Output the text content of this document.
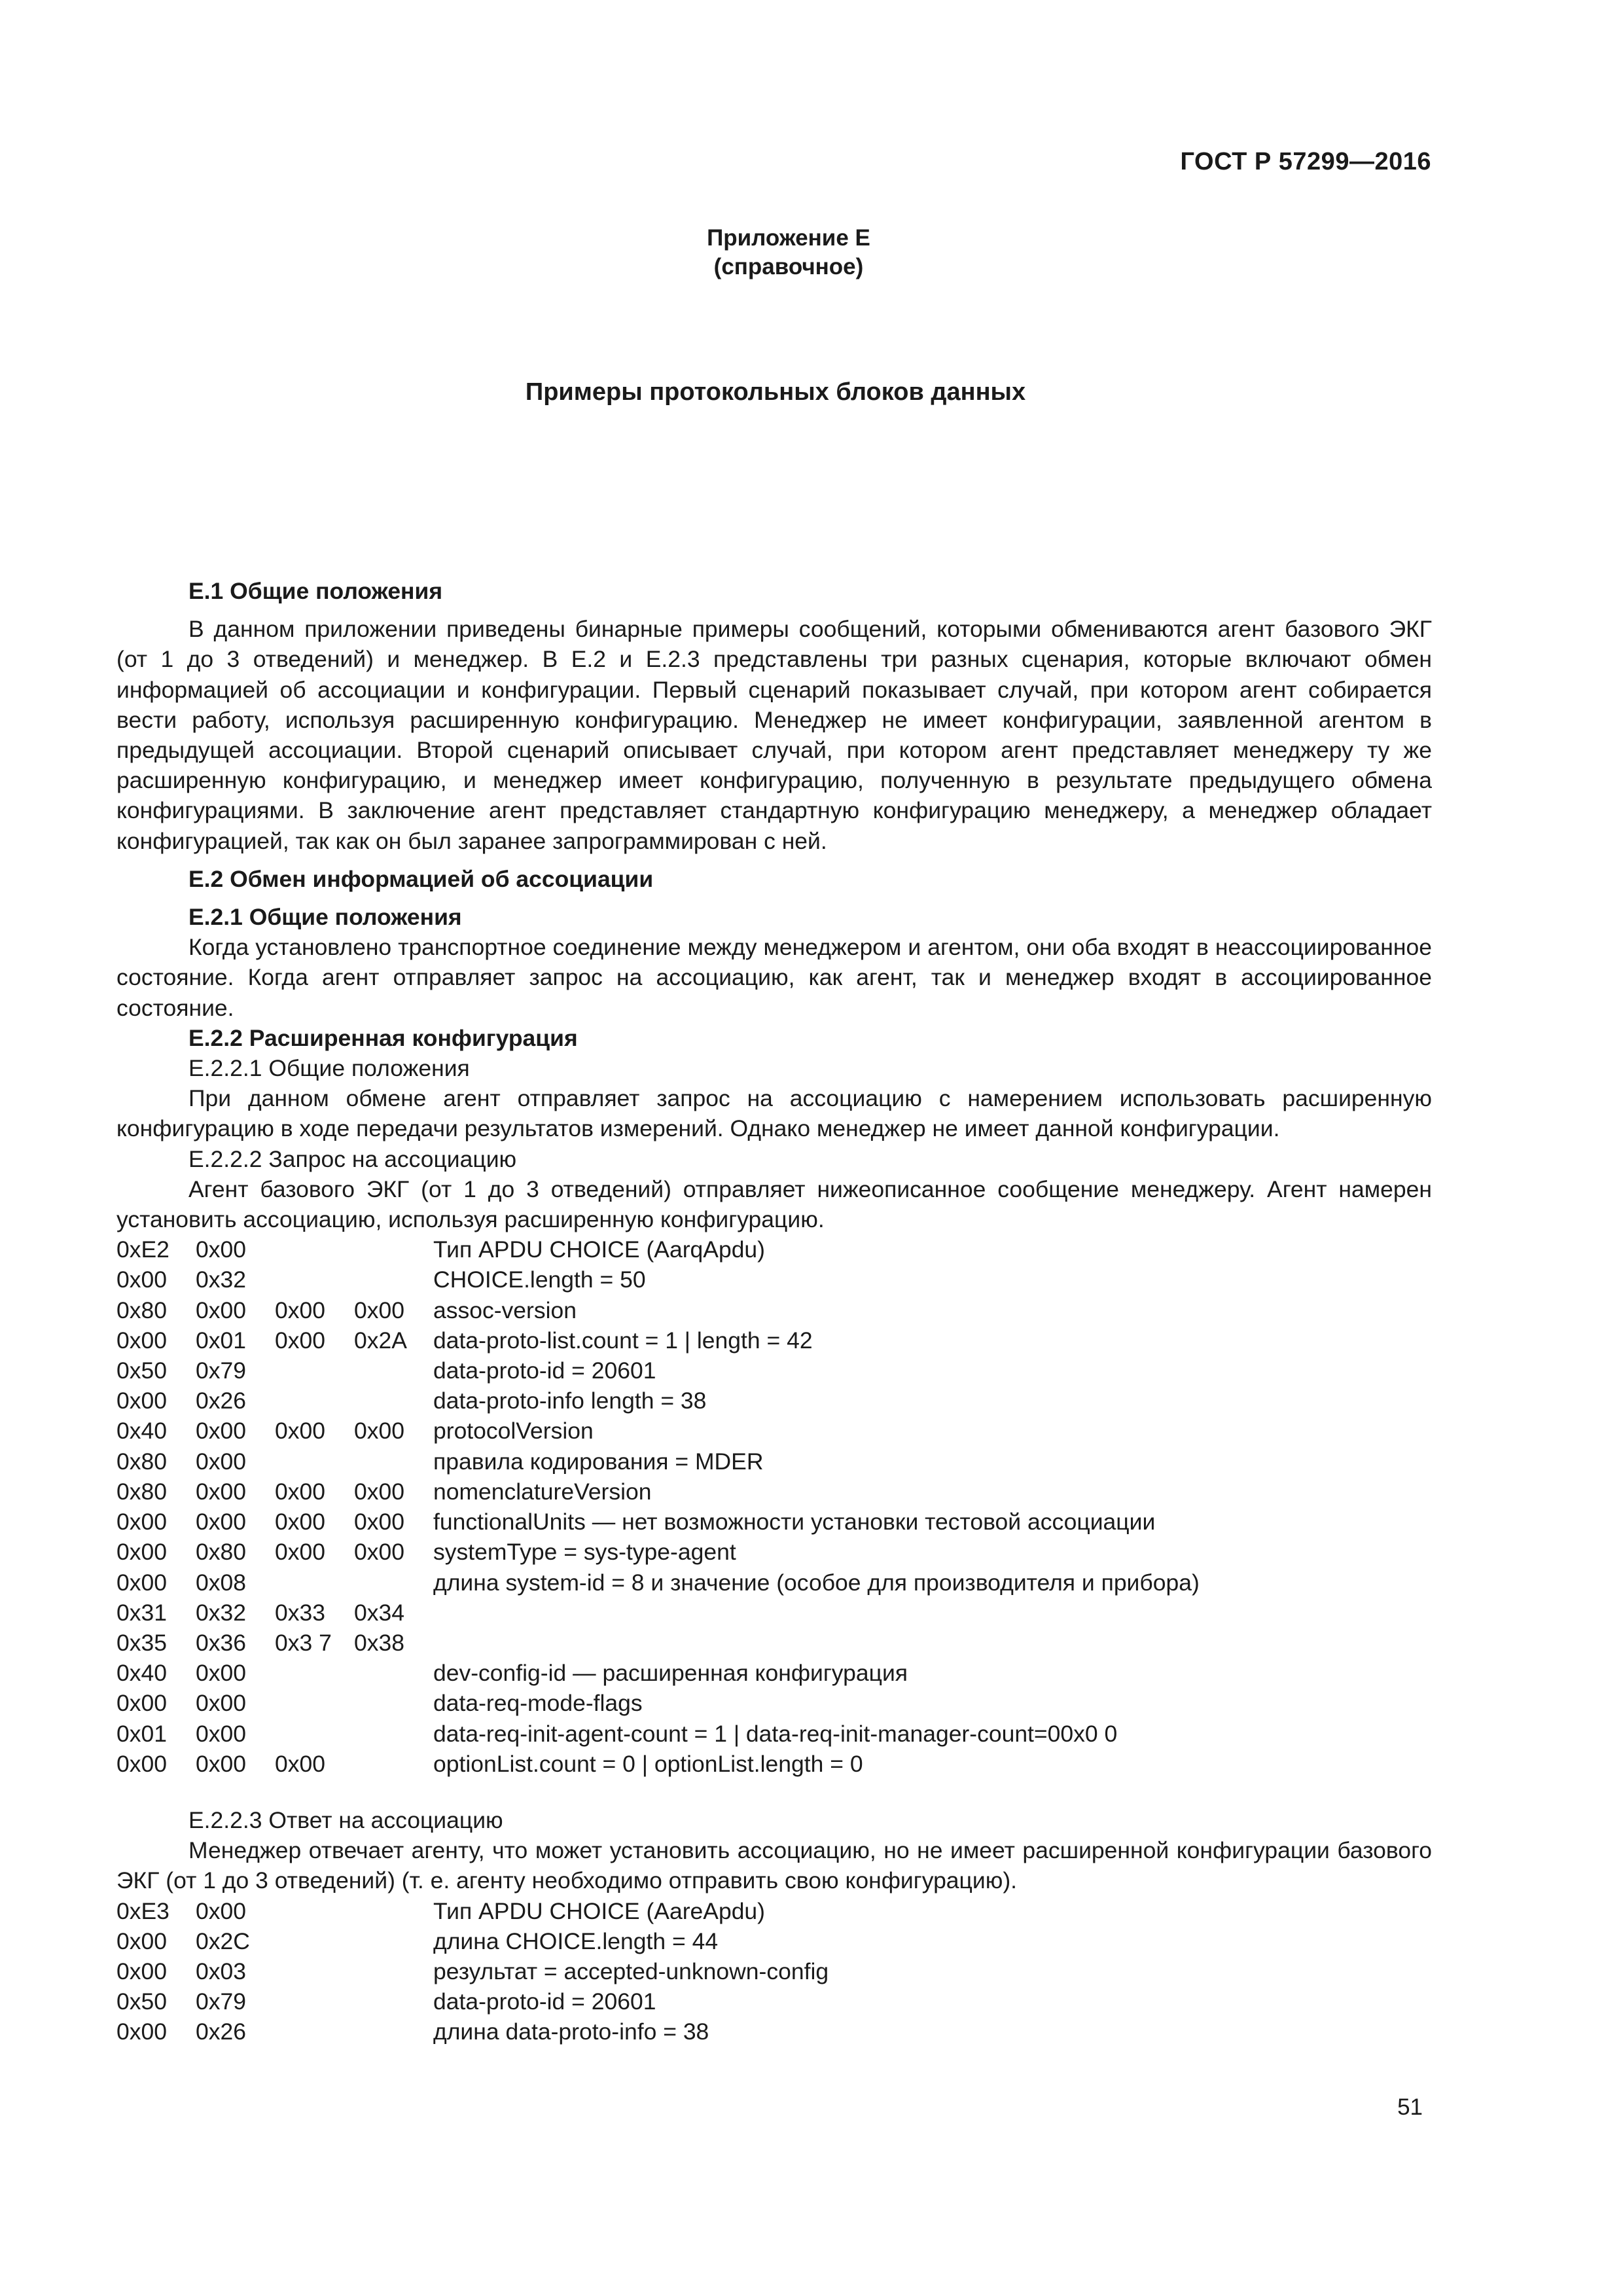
ГОСТ Р 57299—2016
Приложение Е
(справочное)
Примеры протокольных блоков данных

Е.1 Общие положения

В данном приложении приведены бинарные примеры сообщений, которыми обмениваются агент базового ЭКГ (от 1 до 3 отведений) и менеджер. В Е.2 и Е.2.3 представлены три разных сценария, которые включают обмен информацией об ассоциации и конфигурации. Первый сценарий показывает случай, при котором агент собирается вести работу, используя расширенную конфигурацию. Менеджер не имеет конфигурации, заявленной агентом в предыдущей ассоциации. Второй сценарий описывает случай, при котором агент представляет менеджеру ту же расширенную конфигурацию, и менеджер имеет конфигурацию, полученную в результате предыдущего обмена конфигурациями. В заключение агент представляет стандартную конфигурацию менеджеру, а менеджер обладает конфигурацией, так как он был заранее запрограммирован с ней.

Е.2 Обмен информацией об ассоциации

Е.2.1 Общие положения

Когда установлено транспортное соединение между менеджером и агентом, они оба входят в неассоциированное состояние. Когда агент отправляет запрос на ассоциацию, как агент, так и менеджер входят в ассоциированное состояние.

Е.2.2 Расширенная конфигурация

Е.2.2.1 Общие положения

При данном обмене агент отправляет запрос на ассоциацию с намерением использовать расширенную конфигурацию в ходе передачи результатов измерений. Однако менеджер не имеет данной конфигурации.

Е.2.2.2 Запрос на ассоциацию

Агент базового ЭКГ (от 1 до 3 отведений) отправляет нижеописанное сообщение менеджеру. Агент намерен установить ассоциацию, используя расширенную конфигурацию.

0xE2	0x00			Тип APDU CHOICE (AarqApdu)
0x00	0x32			CHOICE.length = 50
0x80	0x00	0x00	0x00	assoc-version
0x00	0x01	0x00	0x2A	data-proto-list.count = 1 | length = 42
0x50	0x79			data-proto-id = 20601
0x00	0x26			data-proto-info length = 38
0x40	0x00	0x00	0x00	protocolVersion
0x80	0x00			правила кодирования = MDER
0x80	0x00	0x00	0x00	nomenclatureVersion
0x00	0x00	0x00	0x00	functionalUnits — нет возможности установки тестовой ассоциации
0x00	0x80	0x00	0x00	systemType = sys-type-agent
0x00	0x08			длина system-id = 8 и значение (особое для производителя и прибора)
0x31	0x32	0x33	0x34	
0x35	0x36	0x3 7	0x38	
0x40	0x00			dev-config-id — расширенная конфигурация
0x00	0x00			data-req-mode-flags
0x01	0x00			data-req-init-agent-count = 1 | data-req-init-manager-count=00x0 0
0x00	0x00	0x00		optionList.count = 0 | optionList.length = 0

Е.2.2.3 Ответ на ассоциацию

Менеджер отвечает агенту, что может установить ассоциацию, но не имеет расширенной конфигурации базового ЭКГ (от 1 до 3 отведений) (т. е. агенту необходимо отправить свою конфигурацию).

0xE3	0x00			Тип APDU CHOICE (AareApdu)
0x00	0x2C			длина CHOICE.length = 44
0x00	0x03			результат = accepted-unknown-config
0x50	0x79			data-proto-id = 20601
0x00	0x26			длина data-proto-info = 38
51
